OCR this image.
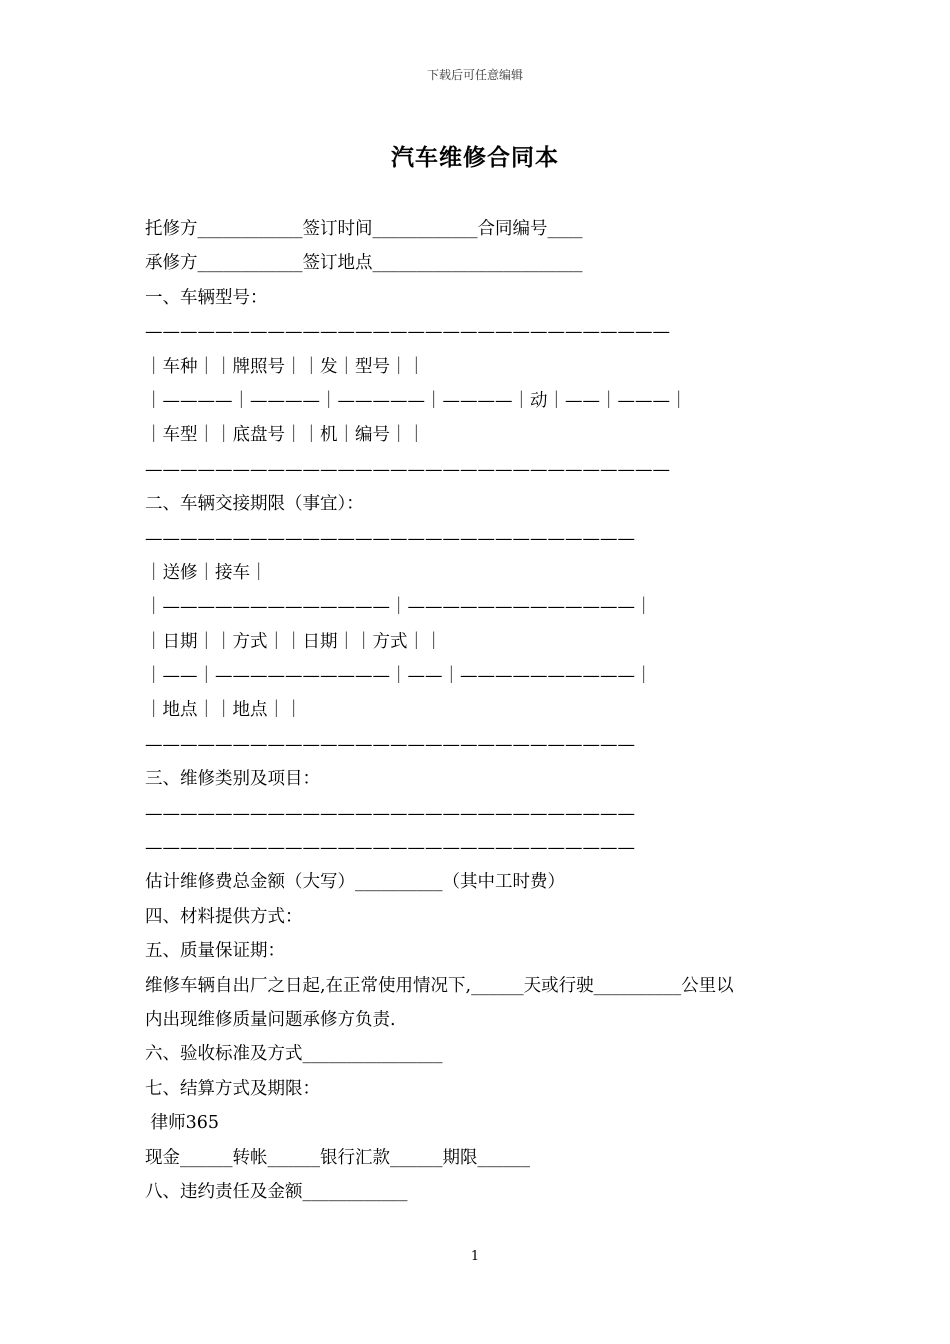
下载后可任意编辑
汽车维修合同本
托修方____________签订时间____________合同编号____
承修方____________签订地点________________________
一、车辆型号：
——————————————————————————————
｜车种｜｜牌照号｜｜发｜型号｜｜
｜————｜————｜—————｜————｜动｜——｜———｜
｜车型｜｜底盘号｜｜机｜编号｜｜
——————————————————————————————
二、车辆交接期限（事宜）：
————————————————————————————
｜送修｜接车｜
｜—————————————｜—————————————｜
｜日期｜｜方式｜｜日期｜｜方式｜｜
｜——｜——————————｜——｜——————————｜
｜地点｜｜地点｜｜
————————————————————————————
三、维修类别及项目：
————————————————————————————
————————————————————————————
估计维修费总金额（大写）__________（其中工时费）
四、材料提供方式：
五、质量保证期：
维修车辆自出厂之日起,在正常使用情况下,______天或行驶__________公里以
内出现维修质量问题承修方负责.
六、验收标准及方式________________
七、结算方式及期限：
律师365
现金______转帐______银行汇款______期限______
八、违约责任及金额____________
1
